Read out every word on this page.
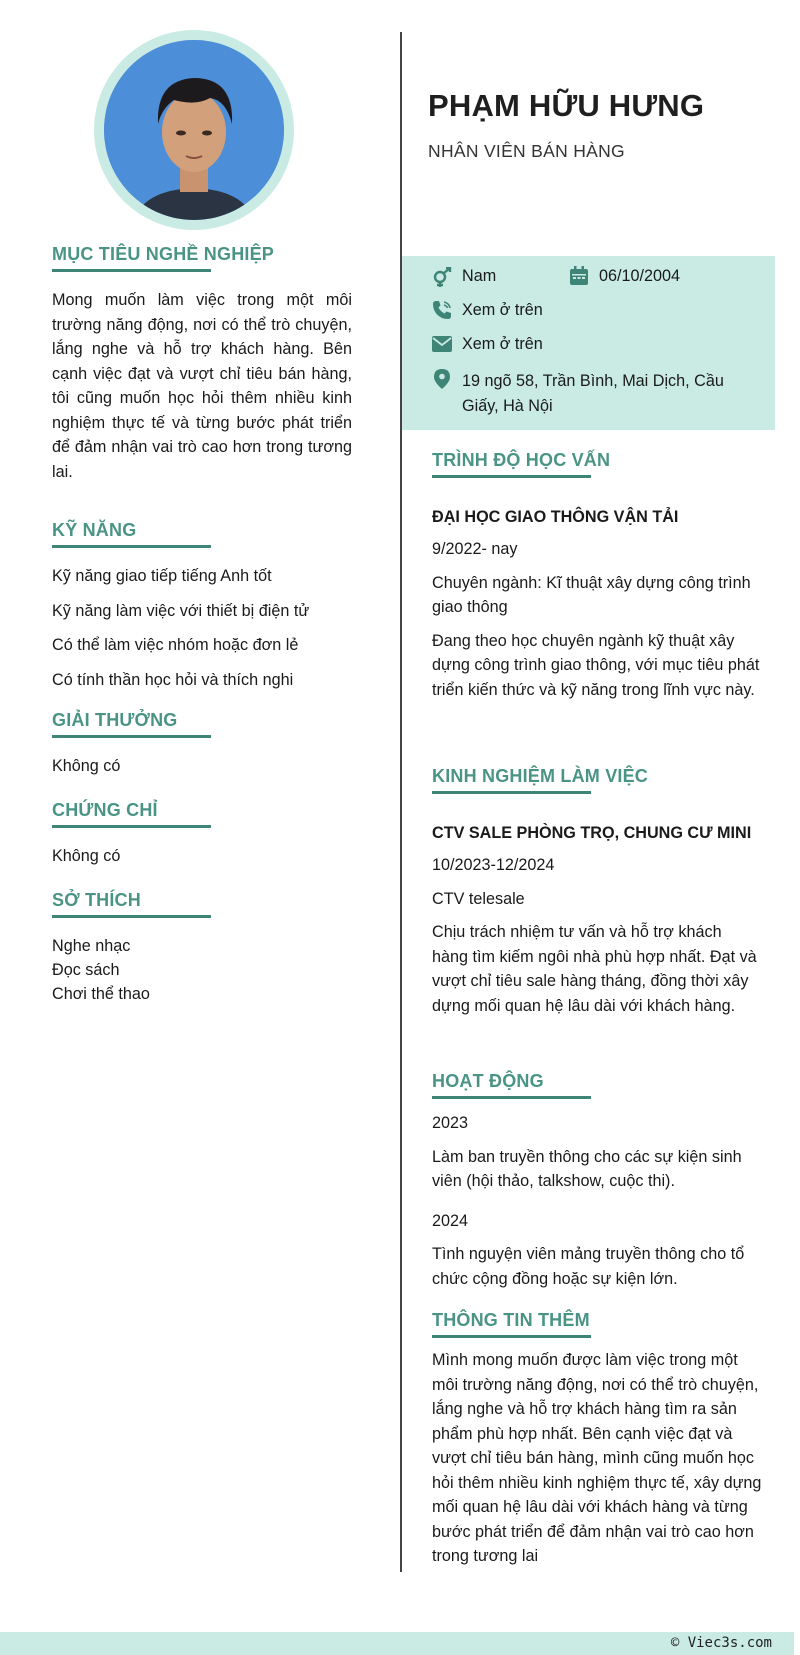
MỤC TIÊU NGHỀ NGHIỆP

Mong muốn làm việc trong một môi trường năng động, nơi có thể trò chuyện, lắng nghe và hỗ trợ khách hàng. Bên cạnh việc đạt và vượt chỉ tiêu bán hàng, tôi cũng muốn học hỏi thêm nhiều kinh nghiệm thực tế và từng bước phát triển để đảm nhận vai trò cao hơn trong tương lai.

KỸ NĂNG
Kỹ năng giao tiếp tiếng Anh tốt
Kỹ năng làm việc với thiết bị điện tử
Có thể làm việc nhóm hoặc đơn lẻ
Có tính thần học hỏi và thích nghi
GIẢI THƯỞNG

Không có

CHỨNG CHỈ

Không có

SỞ THÍCH
Nghe nhạc
Đọc sách
Chơi thể thao
PHẠM HỮU HƯNG
NHÂN VIÊN BÁN HÀNG
Nam	06/10/2004
Xem ở trên
Xem ở trên
19 ngõ 58, Trần Bình, Mai Dịch, Cầu Giấy, Hà Nội
TRÌNH ĐỘ HỌC VẤN
ĐẠI HỌC GIAO THÔNG VẬN TẢI
9/2022- nay
Chuyên ngành: Kĩ thuật xây dựng công trình giao thông
Đang theo học chuyên ngành kỹ thuật xây dựng công trình giao thông, với mục tiêu phát triển kiến thức và kỹ năng trong lĩnh vực này.
KINH NGHIỆM LÀM VIỆC
CTV SALE PHÒNG TRỌ, CHUNG CƯ MINI
10/2023-12/2024
CTV telesale
Chịu trách nhiệm tư vấn và hỗ trợ khách hàng tìm kiếm ngôi nhà phù hợp nhất. Đạt và vượt chỉ tiêu sale hàng tháng, đồng thời xây dựng mối quan hệ lâu dài với khách hàng.
HOẠT ĐỘNG
2023
Làm ban truyền thông cho các sự kiện sinh viên (hội thảo, talkshow, cuộc thi).
2024
Tình nguyện viên mảng truyền thông cho tổ chức cộng đồng hoặc sự kiện lớn.
THÔNG TIN THÊM
Mình mong muốn được làm việc trong một môi trường năng động, nơi có thể trò chuyện, lắng nghe và hỗ trợ khách hàng tìm ra sản phẩm phù hợp nhất. Bên cạnh việc đạt và vượt chỉ tiêu bán hàng, mình cũng muốn học hỏi thêm nhiều kinh nghiệm thực tế, xây dựng mối quan hệ lâu dài với khách hàng và từng bước phát triển để đảm nhận vai trò cao hơn trong tương lai
© Viec3s.com
